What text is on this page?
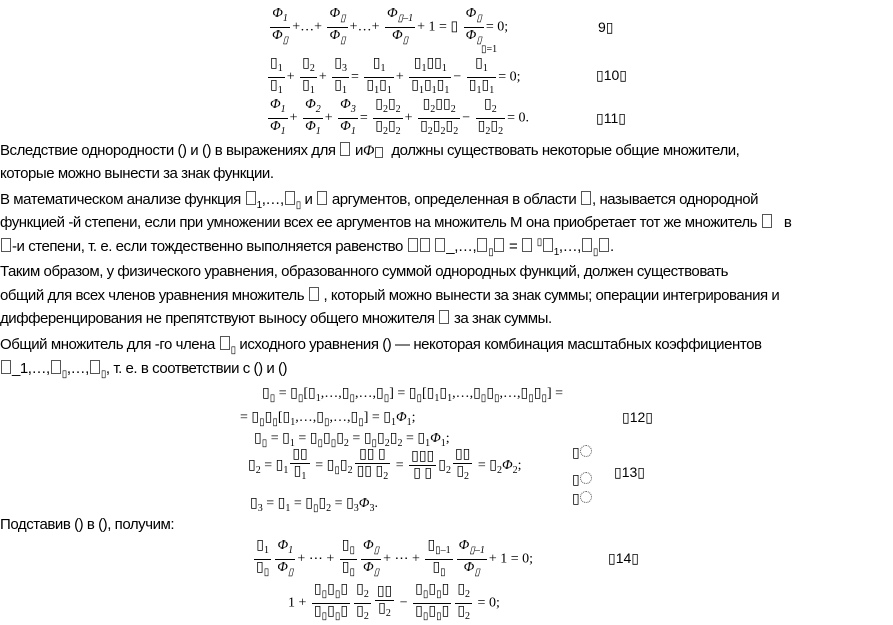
$\frac{\Phi_1}{\Phi_▯}$ +…+ $\frac{\Phi_▯}{\Phi_▯}$ +…+ $\frac{\Phi_{▯-1}}{\Phi_▯} + 1$ = ▯ $\frac{\Phi_▯}{\Phi_▯} = 0$;	9▯
▯=1
$\frac{▯_1}{▯_1} + \frac{▯_2}{▯_1} + \frac{▯_3}{▯_1} = \frac{▯_1}{▯_1▯_1} + \frac{▯_1▯▯_1}{▯_1▯_1▯_1} - \frac{▯_1}{▯_1▯_1} = 0$;	▯10▯
$\frac{\Phi_1}{\Phi_1} + \frac{\Phi_2}{\Phi_1} + \frac{\Phi_3}{\Phi_1} = \frac{▯_2▯_2}{▯_2▯_2} + \frac{▯_2▯▯_2}{▯_2▯_2▯_2} - \frac{▯_2}{▯_2▯_2} = 0$.	▯11▯
Вследствие однородности () и () в выражениях для иΦ должны существовать некоторые общие множители,
которые можно вынести за знак функции.
В математическом анализе функция $_1$,…, $_▯$ и аргументов, определенная в области , называется однородной
функцией -й степени, если при умножении всех ее аргументов на множитель M она приобретает тот же множитель в
-и степени, т. е. если тождественно выполняется равенство	_,…, $_▯$ = ▯$_1$,…, $_▯$ .
Таким образом, у физического уравнения, образованного суммой однородных функций, должен существовать
общий для всех членов уравнения множитель , который можно вынести за знак суммы; операции интегрирования и
дифференцирования не препятствуют выносу общего множителя за знак суммы.
Общий множитель для -го члена $_▯$ исходного уравнения () — некоторая комбинация масштабных коэффициентов
_1,…, $_▯$,…, $_▯$, т. е. в соответствии с () и ()
$▯_▯$ = $▯_▯[▯_1,\dots,▯_▯,\dots,▯_▯]$ = $▯_▯[▯_1▯_1,\dots,▯_▯▯_▯,\dots,▯_▯▯_▯]$ =
= $▯_▯▯_▯[▯_1,\dots,▯_▯,\dots,▯_▯]$ = $▯_1\Phi_1$;	▯12▯
$▯_▯$ = $▯_1$ = $▯_▯▯_▯▯_2$ = $▯_▯▯_2▯_2$ = $▯_1\Phi_1$;
$▯_2$ = $▯_1 \frac{▯▯}{▯_1}$ = $▯_▯▯_2 \frac{▯▯ ▯}{▯▯ ▯_2} = \frac{▯▯▯}{▯ ▯}$ $▯_2 \frac{▯▯}{▯_2}$ = $▯_2\Phi_2$;
$▯_3$ = $▯_1$ = $▯_▯▯_2$ = $▯_3\Phi_3$.
▯
▯
▯
▯13▯
Подставив () в (), получим:
$\frac{▯_1}{▯_▯} \frac{\Phi_1}{\Phi_▯}$ + ⋯ + $\frac{▯_▯}{▯_▯} \frac{\Phi_▯}{\Phi_▯}$ + ⋯ + $\frac{▯_{▯-1}}{▯_▯} \frac{\Phi_{▯-1}}{\Phi_▯} + 1 = 0$;	▯14▯
$1 + \frac{▯_▯▯_▯▯}{▯_▯▯_▯▯} \frac{▯_2}{▯_2} \frac{▯▯}{▯_2} - \frac{▯_▯▯_▯▯}{▯_▯▯_▯▯} \frac{▯_2}{▯_2} = 0$;
